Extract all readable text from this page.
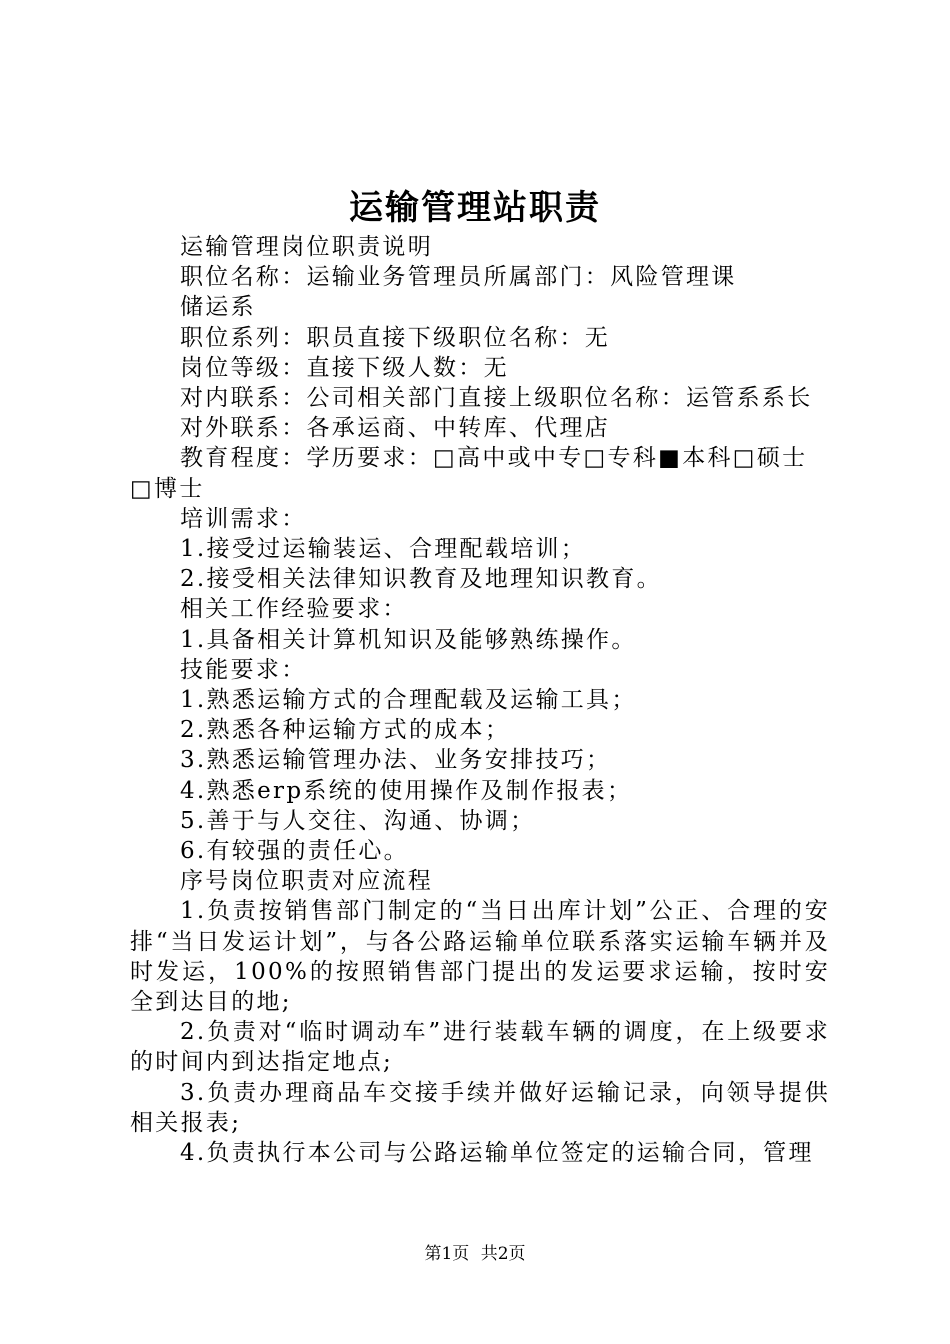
运输管理站职责

运输管理岗位职责说明

职位名称：运输业务管理员所属部门：风险管理课

储运系

职位系列：职员直接下级职位名称：无

岗位等级：直接下级人数：无

对内联系：公司相关部门直接上级职位名称：运管系系长

对外联系：各承运商、中转库、代理店

教育程度：学历要求：□高中或中专□专科■本科□硕士

□博士

培训需求：

1.接受过运输装运、合理配载培训；

2.接受相关法律知识教育及地理知识教育。

相关工作经验要求：

1.具备相关计算机知识及能够熟练操作。

技能要求：

1.熟悉运输方式的合理配载及运输工具；

2.熟悉各种运输方式的成本；

3.熟悉运输管理办法、业务安排技巧；

4.熟悉erp系统的使用操作及制作报表；

5.善于与人交往、沟通、协调；

6.有较强的责任心。

序号岗位职责对应流程

1.负责按销售部门制定的“当日出库计划”公正、合理的安排“当日发运计划”，与各公路运输单位联系落实运输车辆并及时发运，100%的按照销售部门提出的发运要求运输，按时安全到达目的地;

2.负责对“临时调动车”进行装载车辆的调度，在上级要求的时间内到达指定地点;

3.负责办理商品车交接手续并做好运输记录，向领导提供相关报表;

4.负责执行本公司与公路运输单位签定的运输合同，管理

第1页 共2页
